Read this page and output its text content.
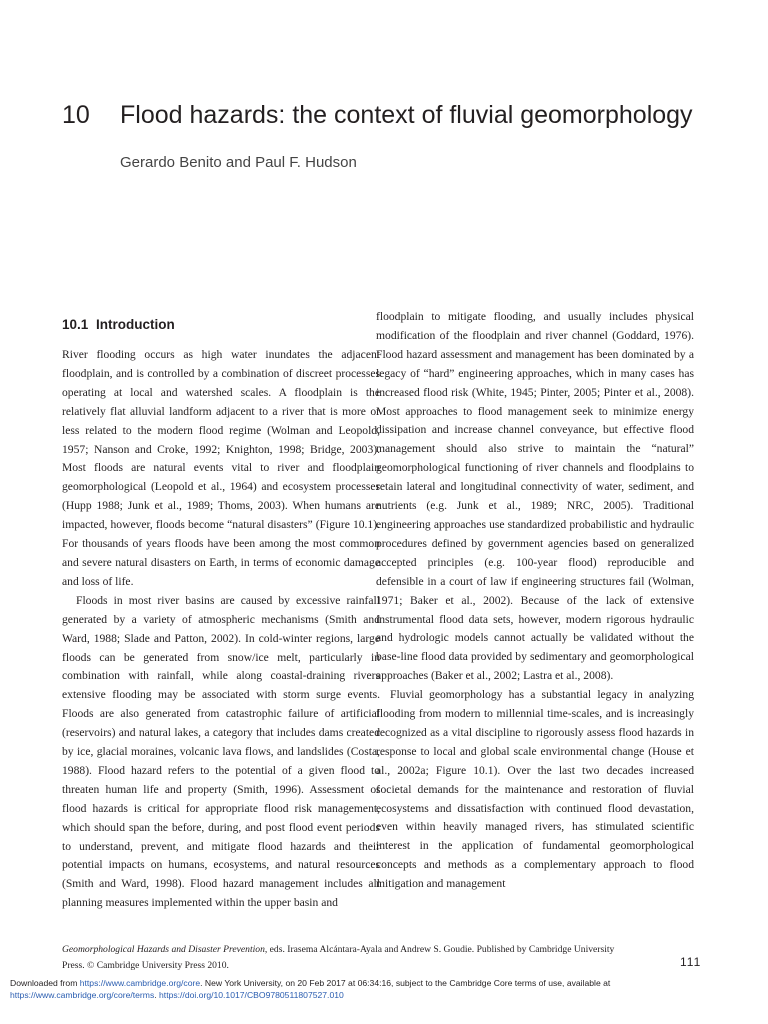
10	Flood hazards: the context of fluvial geomorphology
Gerardo Benito and Paul F. Hudson
10.1 Introduction

River flooding occurs as high water inundates the adjacent floodplain, and is controlled by a combination of discreet processes operating at local and watershed scales. A floodplain is the relatively flat alluvial landform adjacent to a river that is more or less related to the modern flood regime (Wolman and Leopold, 1957; Nanson and Croke, 1992; Knighton, 1998; Bridge, 2003). Most floods are natural events vital to river and floodplain geomorphological (Leopold et al., 1964) and ecosystem processes (Hupp 1988; Junk et al., 1989; Thoms, 2003). When humans are impacted, however, floods become “natural disasters” (Figure 10.1). For thousands of years floods have been among the most common and severe natural disasters on Earth, in terms of economic damage and loss of life.

Floods in most river basins are caused by excessive rainfall generated by a variety of atmospheric mechanisms (Smith and Ward, 1988; Slade and Patton, 2002). In cold-winter regions, large floods can be generated from snow/ice melt, particularly in combination with rainfall, while along coastal-draining rivers extensive flooding may be associated with storm surge events. Floods are also generated from catastrophic failure of artificial (reservoirs) and natural lakes, a category that includes dams created by ice, glacial moraines, volcanic lava flows, and landslides (Costa, 1988). Flood hazard refers to the potential of a given flood to threaten human life and property (Smith, 1996). Assessment of flood hazards is critical for appropriate flood risk management, which should span the before, during, and post flood event periods to understand, prevent, and mitigate flood hazards and their potential impacts on humans, ecosystems, and natural resources (Smith and Ward, 1998). Flood hazard management includes all planning measures implemented within the upper basin and

floodplain to mitigate flooding, and usually includes physical modification of the floodplain and river channel (Goddard, 1976). Flood hazard assessment and management has been dominated by a legacy of “hard” engineering approaches, which in many cases has increased flood risk (White, 1945; Pinter, 2005; Pinter et al., 2008). Most approaches to flood management seek to minimize energy dissipation and increase channel conveyance, but effective flood management should also strive to maintain the “natural” geomorphological functioning of river channels and floodplains to retain lateral and longitudinal connectivity of water, sediment, and nutrients (e.g. Junk et al., 1989; NRC, 2005). Traditional engineering approaches use standardized probabilistic and hydraulic procedures defined by government agencies based on generalized accepted principles (e.g. 100-year flood) reproducible and defensible in a court of law if engineering structures fail (Wolman, 1971; Baker et al., 2002). Because of the lack of extensive instrumental flood data sets, however, modern rigorous hydraulic and hydrologic models cannot actually be validated without the base-line flood data provided by sedimentary and geomorphological approaches (Baker et al., 2002; Lastra et al., 2008).

Fluvial geomorphology has a substantial legacy in analyzing flooding from modern to millennial time-scales, and is increasingly recognized as a vital discipline to rigorously assess flood hazards in response to local and global scale environmental change (House et al., 2002a; Figure 10.1). Over the last two decades increased societal demands for the maintenance and restoration of fluvial ecosystems and dissatisfaction with continued flood devastation, even within heavily managed rivers, has stimulated scientific interest in the application of fundamental geomorphological concepts and methods as a complementary approach to flood mitigation and management

Geomorphological Hazards and Disaster Prevention, eds. Irasema Alcántara-Ayala and Andrew S. Goudie. Published by Cambridge University Press. © Cambridge University Press 2010.	111
Downloaded from https://www.cambridge.org/core. New York University, on 20 Feb 2017 at 06:34:16, subject to the Cambridge Core terms of use, available at https://www.cambridge.org/core/terms. https://doi.org/10.1017/CBO9780511807527.010
